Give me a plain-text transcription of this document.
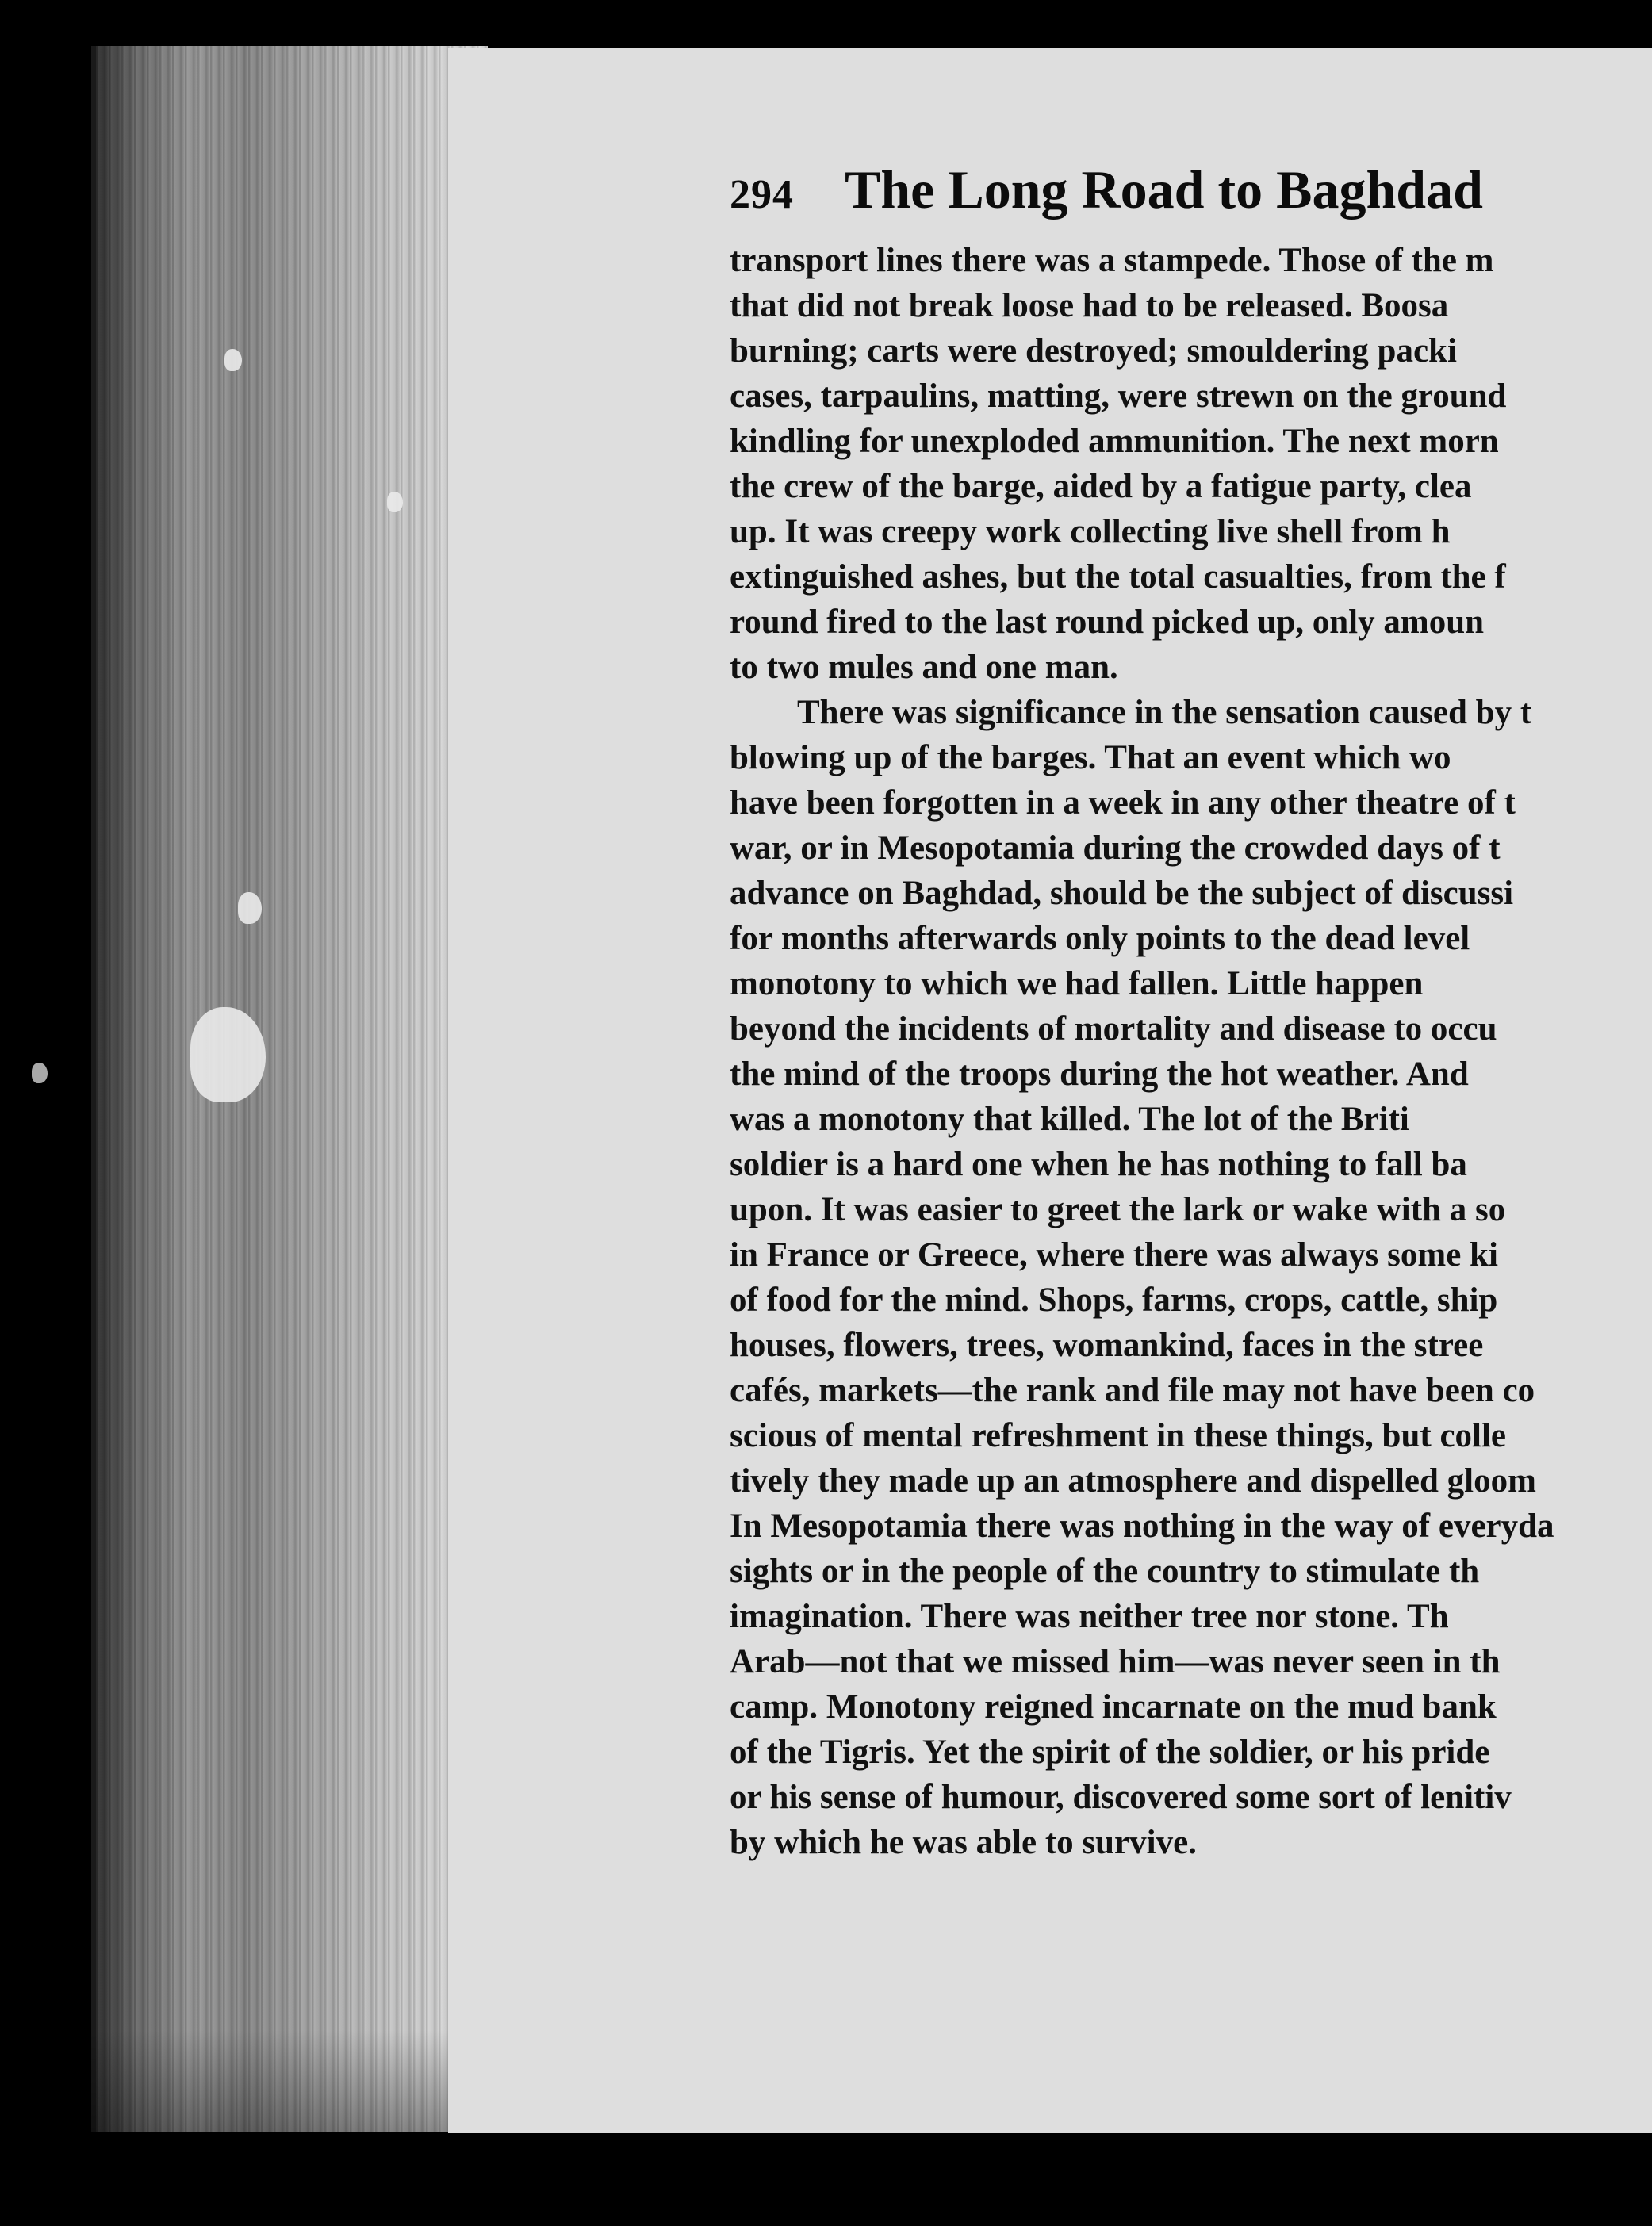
294 The Long Road to Baghdad
transport lines there was a stampede. Those of the m
that did not break loose had to be released. Boosa
burning; carts were destroyed; smouldering packi
cases, tarpaulins, matting, were strewn on the ground
kindling for unexploded ammunition. The next morn
the crew of the barge, aided by a fatigue party, clea
up. It was creepy work collecting live shell from h
extinguished ashes, but the total casualties, from the f
round fired to the last round picked up, only amoun
to two mules and one man.
There was significance in the sensation caused by t
blowing up of the barges. That an event which wo
have been forgotten in a week in any other theatre of t
war, or in Mesopotamia during the crowded days of t
advance on Baghdad, should be the subject of discussi
for months afterwards only points to the dead level
monotony to which we had fallen. Little happen
beyond the incidents of mortality and disease to occu
the mind of the troops during the hot weather. And
was a monotony that killed. The lot of the Briti
soldier is a hard one when he has nothing to fall ba
upon. It was easier to greet the lark or wake with a so
in France or Greece, where there was always some ki
of food for the mind. Shops, farms, crops, cattle, ship
houses, flowers, trees, womankind, faces in the stree
cafés, markets—the rank and file may not have been co
scious of mental refreshment in these things, but colle
tively they made up an atmosphere and dispelled gloom
In Mesopotamia there was nothing in the way of everyda
sights or in the people of the country to stimulate th
imagination. There was neither tree nor stone. Th
Arab—not that we missed him—was never seen in th
camp. Monotony reigned incarnate on the mud bank
of the Tigris. Yet the spirit of the soldier, or his pride
or his sense of humour, discovered some sort of lenitiv
by which he was able to survive.
